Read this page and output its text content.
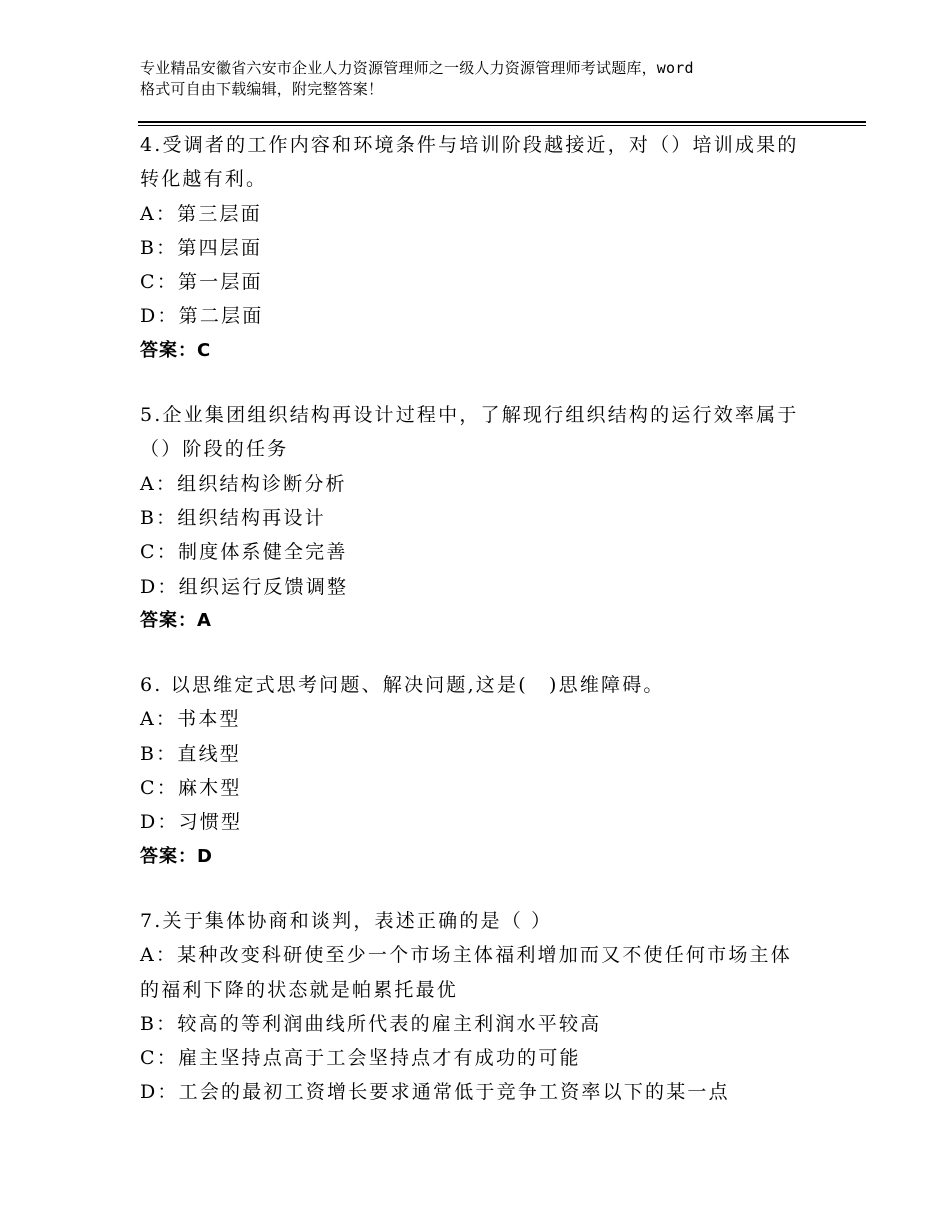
专业精品安徽省六安市企业人力资源管理师之一级人力资源管理师考试题库，word
格式可自由下载编辑，附完整答案！
4.受调者的工作内容和环境条件与培训阶段越接近，对（）培训成果的转化越有利。
A：第三层面
B：第四层面
C：第一层面
D：第二层面
答案：C
5.企业集团组织结构再设计过程中，了解现行组织结构的运行效率属于（）阶段的任务
A：组织结构诊断分析
B：组织结构再设计
C：制度体系健全完善
D：组织运行反馈调整
答案：A
6. 以思维定式思考问题、解决问题,这是(　)思维障碍。
A：书本型
B：直线型
C：麻木型
D：习惯型
答案：D
7.关于集体协商和谈判，表述正确的是（ ）
A：某种改变科研使至少一个市场主体福利增加而又不使任何市场主体的福利下降的状态就是帕累托最优
B：较高的等利润曲线所代表的雇主利润水平较高
C：雇主坚持点高于工会坚持点才有成功的可能
D：工会的最初工资增长要求通常低于竞争工资率以下的某一点
